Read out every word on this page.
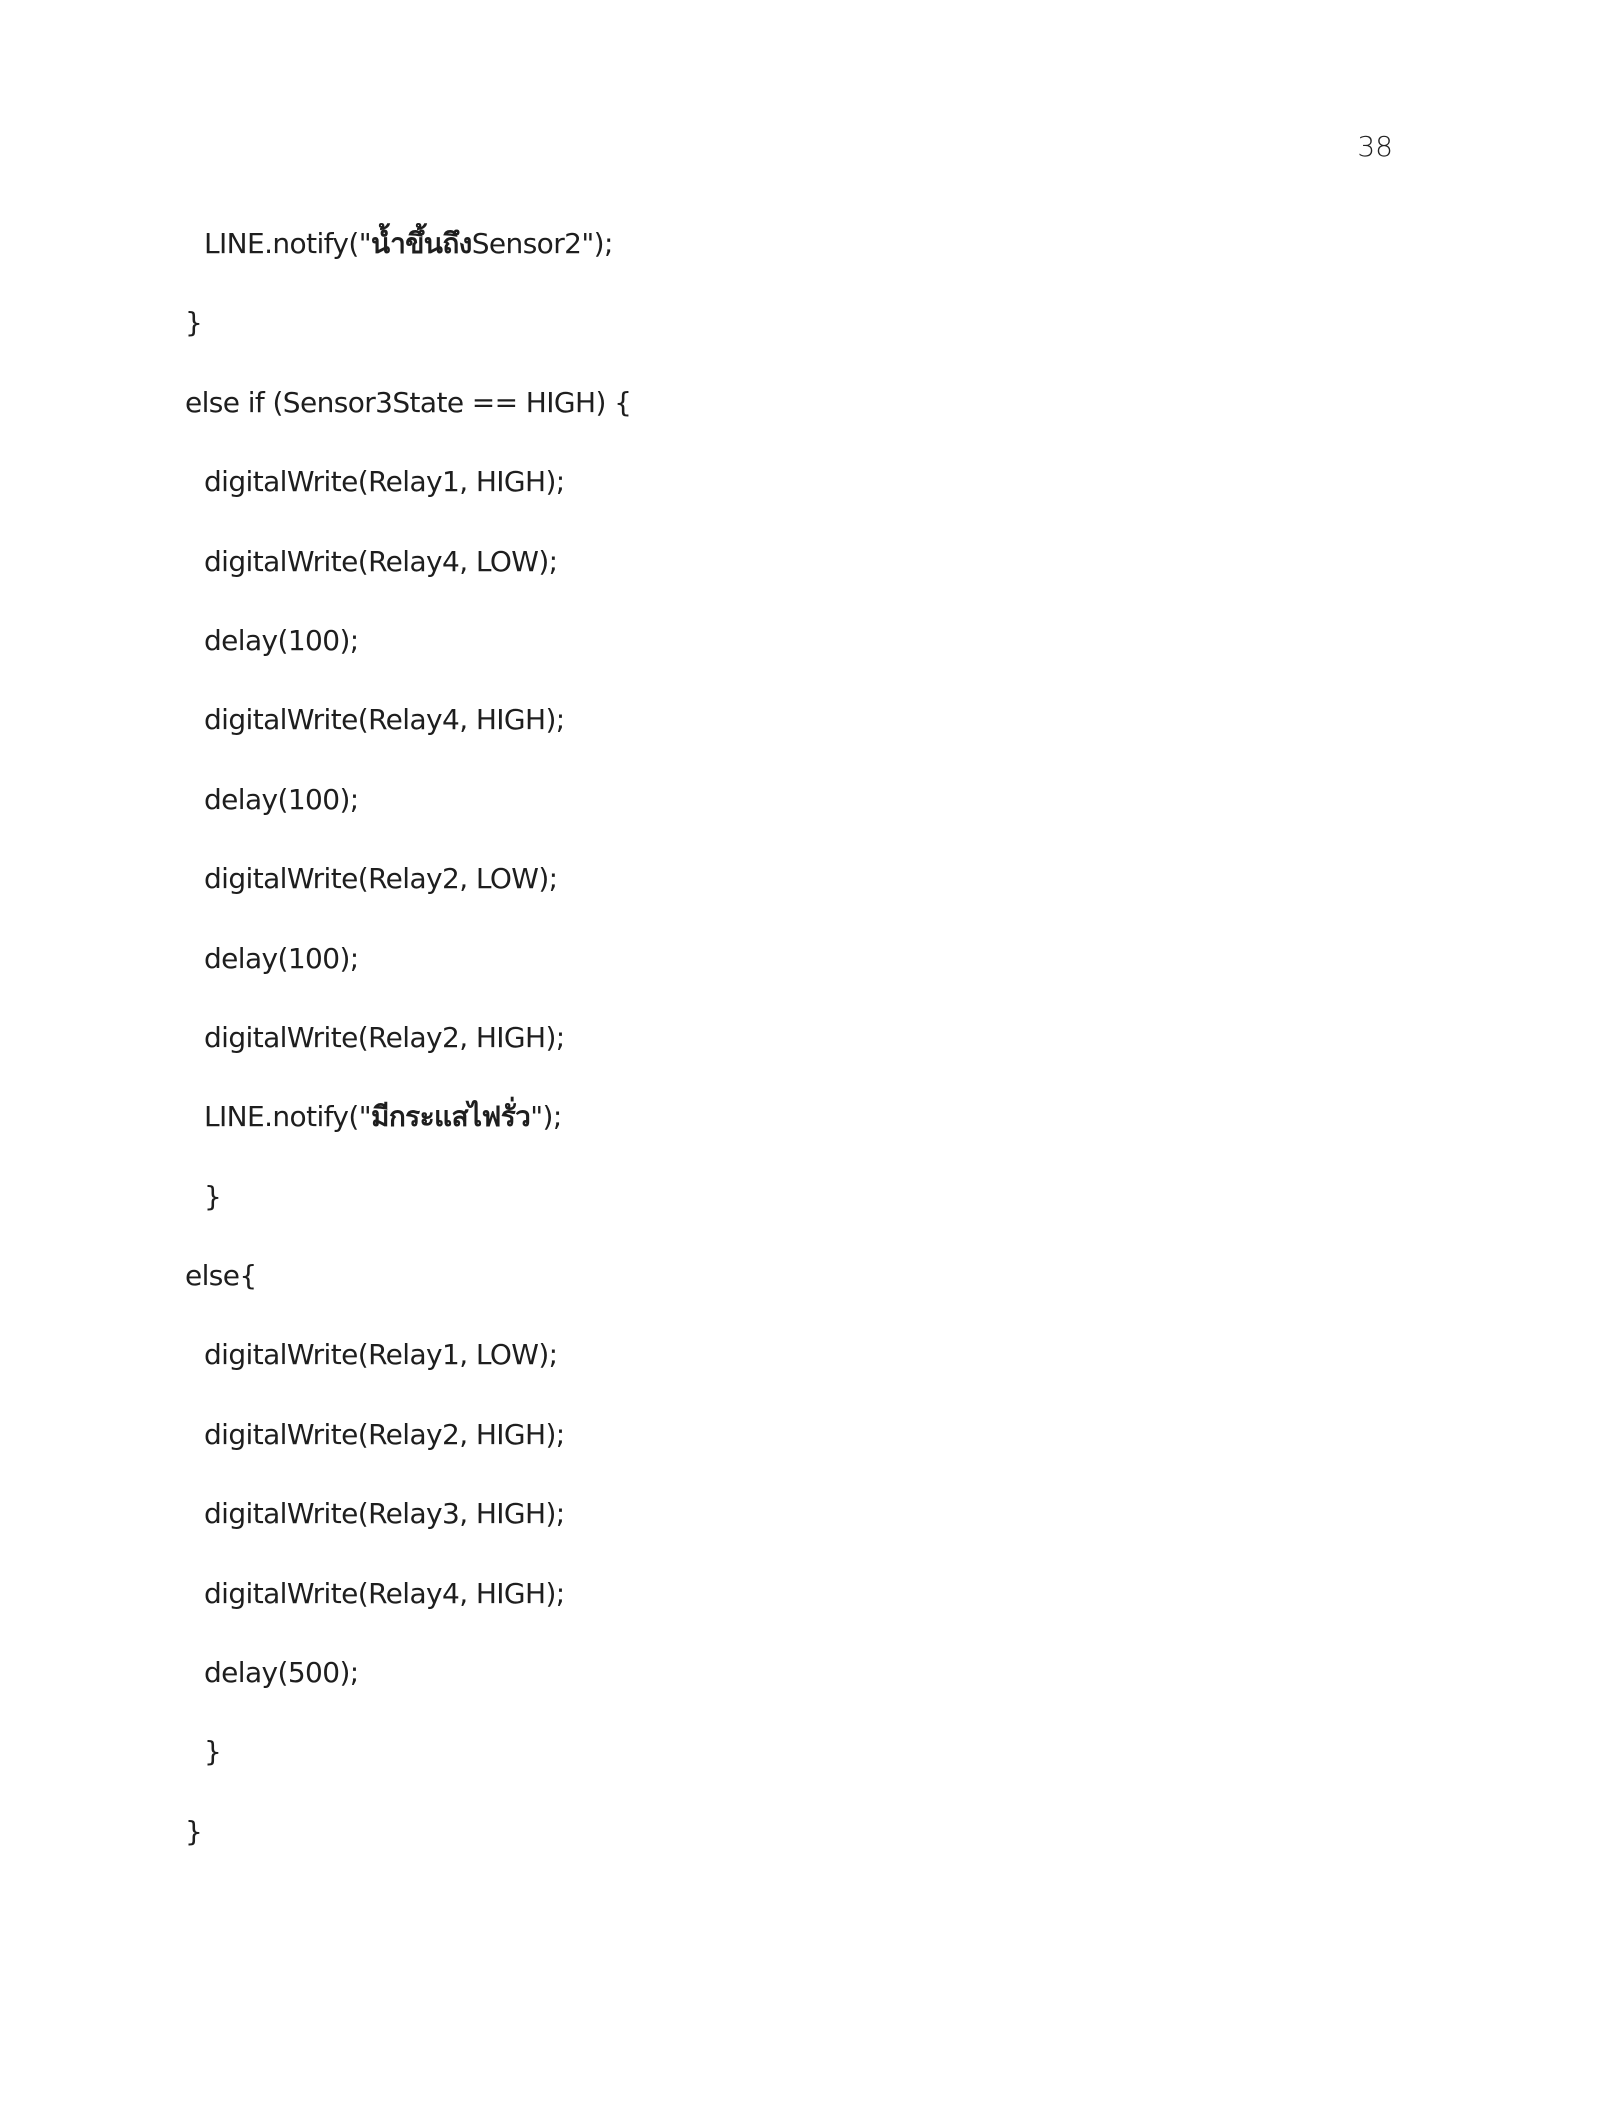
38
LINE.notify("น้ำขึ้นถึงSensor2");
}
else if (Sensor3State == HIGH) {
digitalWrite(Relay1, HIGH);
digitalWrite(Relay4, LOW);
delay(100);
digitalWrite(Relay4, HIGH);
delay(100);
digitalWrite(Relay2, LOW);
delay(100);
digitalWrite(Relay2, HIGH);
LINE.notify("มีกระแสไฟรั่ว");
}
else{
digitalWrite(Relay1, LOW);
digitalWrite(Relay2, HIGH);
digitalWrite(Relay3, HIGH);
digitalWrite(Relay4, HIGH);
delay(500);
}
}
